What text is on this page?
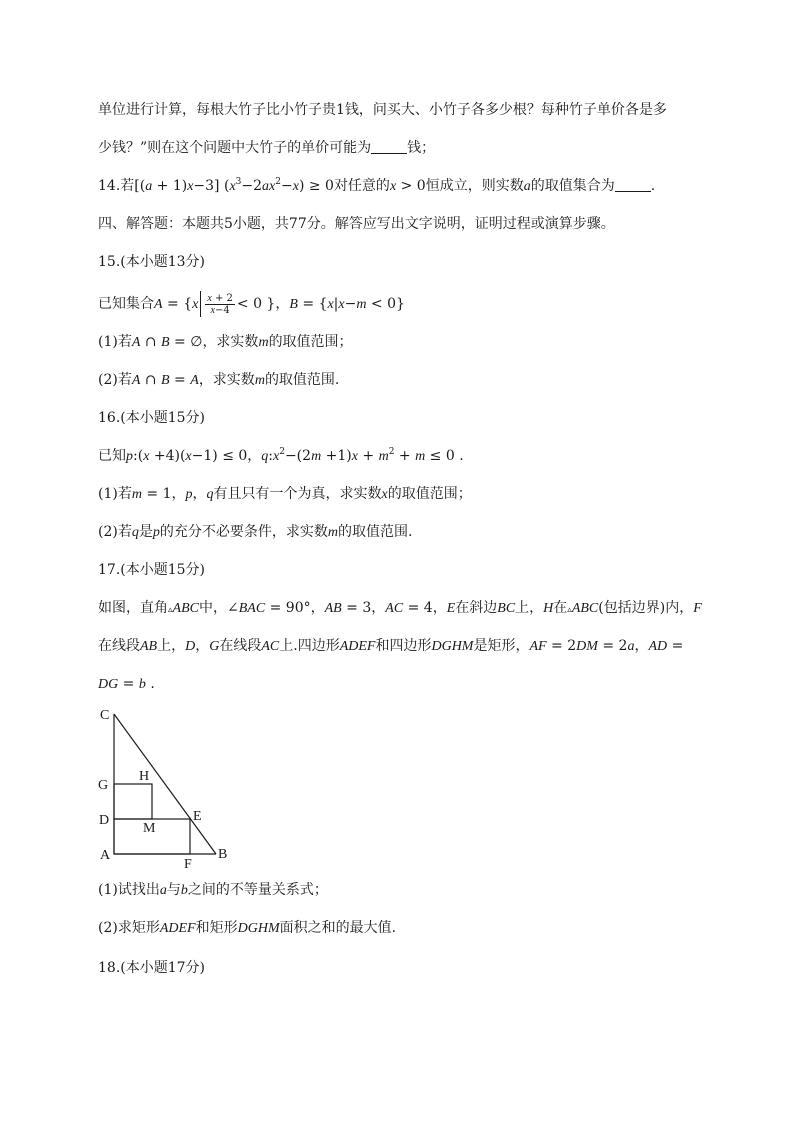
单位进行计算，每根大竹子比小竹子贵1钱，问买大、小竹子各多少根？每种竹子单价各是多
少钱？”则在这个问题中大竹子的单价可能为	钱；
14.若[(a + 1)x−3] $(x^3-2ax^2-x) \ge 0$对任意的x > 0恒成立，则实数a的取值集合为	.
四、解答题：本题共5小题，共77分。解答应写出文字说明，证明过程或演算步骤。
15.(本小题13分)
已知集合$A = \{x \frac{x + 2}{x-4} < 0$ }，B = {x|x−m < 0}
(1)若A ∩ B = ∅，求实数m的取值范围；
(2)若A ∩ B = A，求实数m的取值范围.
16.(本小题15分)
已知p:(x +4)(x−1) ≤ 0，$q:x^2-(2m +1)x + m^2 + m \le 0$ .
(1)若m = 1，p，q有且只有一个为真，求实数x的取值范围；
(2)若q是p的充分不必要条件，求实数m的取值范围.
17.(本小题15分)
如图，直角▵ABC中，∠BAC = 90°，AB = 3，AC = 4，E在斜边BC上，H在▵ABC(包括边界)内，F
在线段AB上，D，G在线段AC上.四边形ADEF和四边形DGHM是矩形，AF = 2DM = 2a，AD =
DG = b .
C
G
H
D
M
E
A
F
B
(1)试找出a与b之间的不等量关系式；
(2)求矩形ADEF和矩形DGHM面积之和的最大值.
18.(本小题17分)
